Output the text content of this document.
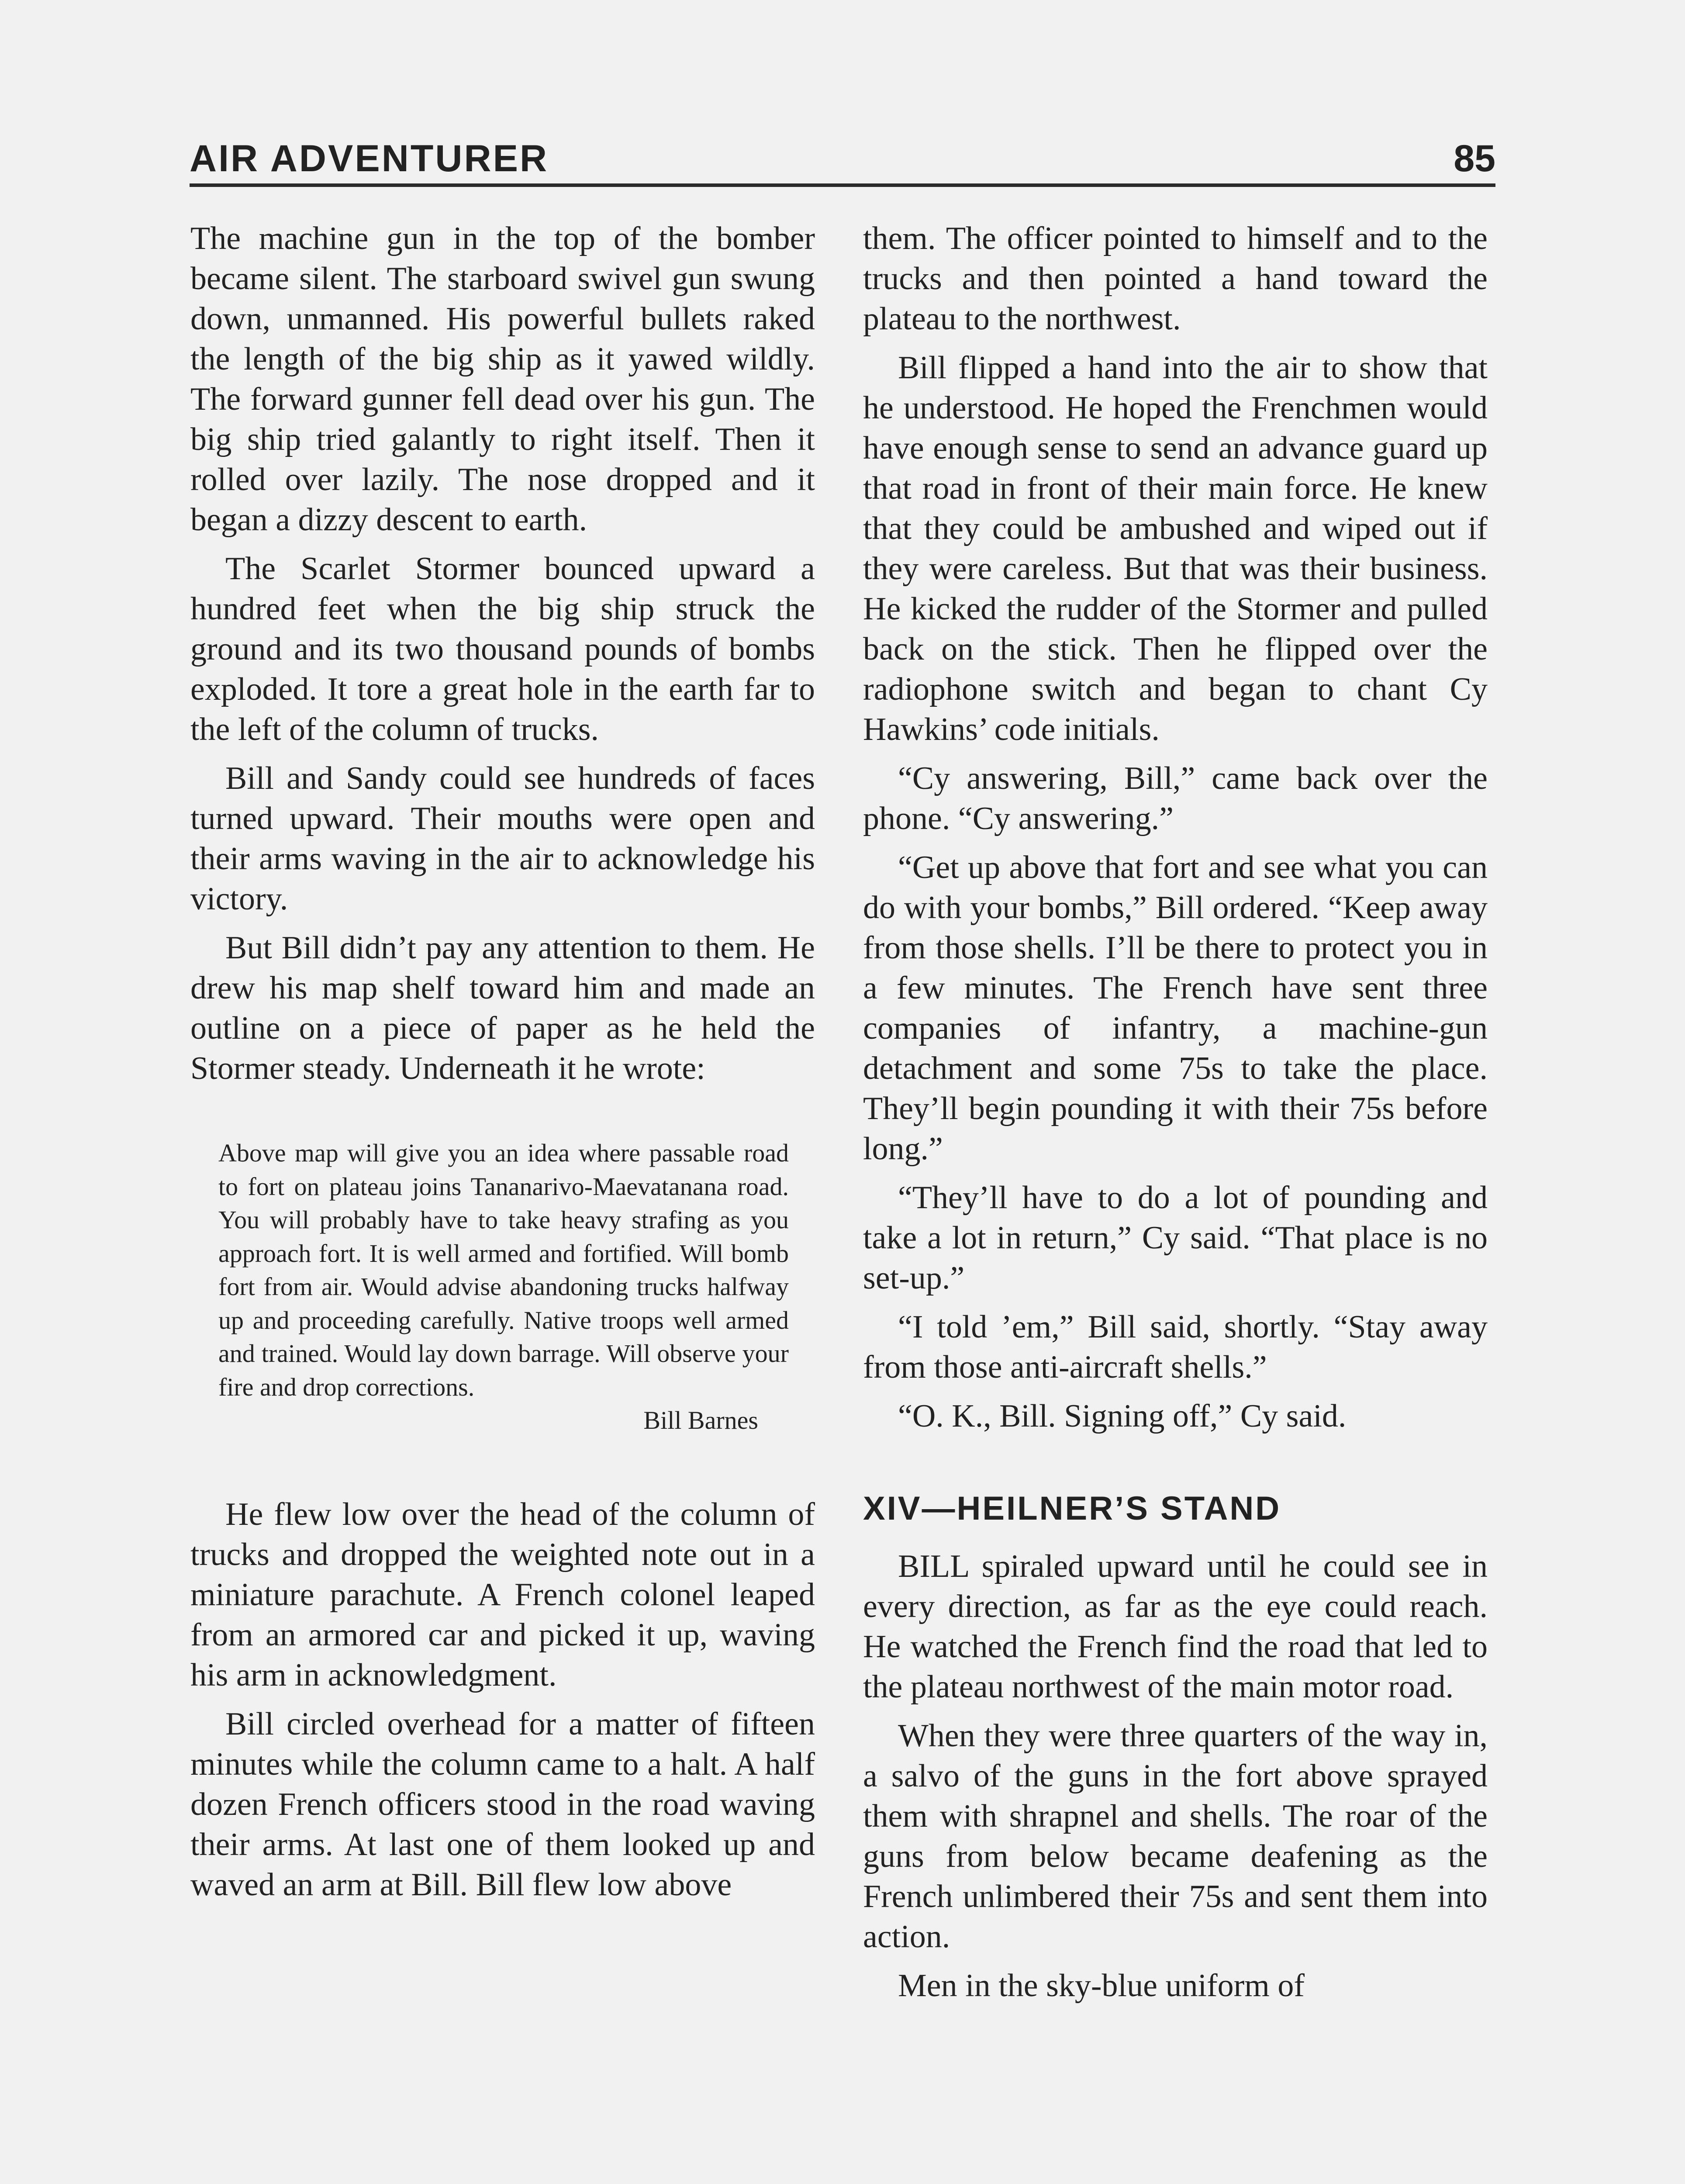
AIR ADVENTURER	85

The machine gun in the top of the bomber became silent. The starboard swivel gun swung down, unmanned. His powerful bullets raked the length of the big ship as it yawed wildly. The forward gunner fell dead over his gun. The big ship tried galantly to right itself. Then it rolled over lazily. The nose dropped and it began a dizzy descent to earth.

The Scarlet Stormer bounced upward a hundred feet when the big ship struck the ground and its two thousand pounds of bombs exploded. It tore a great hole in the earth far to the left of the column of trucks.

Bill and Sandy could see hundreds of faces turned upward. Their mouths were open and their arms waving in the air to acknowledge his victory.

But Bill didn’t pay any attention to them. He drew his map shelf toward him and made an outline on a piece of paper as he held the Stormer steady. Underneath it he wrote:

Above map will give you an idea where passable road to fort on plateau joins Tananarivo-Maevatanana road. You will probably have to take heavy strafing as you approach fort. It is well armed and fortified. Will bomb fort from air. Would advise abandoning trucks halfway up and proceeding carefully. Native troops well armed and trained. Would lay down barrage. Will observe your fire and drop corrections.
Bill Barnes

He flew low over the head of the column of trucks and dropped the weighted note out in a miniature parachute. A French colonel leaped from an armored car and picked it up, waving his arm in acknowledgment.

Bill circled overhead for a matter of fifteen minutes while the column came to a halt. A half dozen French officers stood in the road waving their arms. At last one of them looked up and waved an arm at Bill. Bill flew low above

them. The officer pointed to himself and to the trucks and then pointed a hand toward the plateau to the northwest.

Bill flipped a hand into the air to show that he understood. He hoped the Frenchmen would have enough sense to send an advance guard up that road in front of their main force. He knew that they could be ambushed and wiped out if they were careless. But that was their business. He kicked the rudder of the Stormer and pulled back on the stick. Then he flipped over the radiophone switch and began to chant Cy Hawkins’ code initials.

“Cy answering, Bill,” came back over the phone. “Cy answering.”

“Get up above that fort and see what you can do with your bombs,” Bill ordered. “Keep away from those shells. I’ll be there to protect you in a few minutes. The French have sent three companies of infantry, a machine-gun detachment and some 75s to take the place. They’ll begin pounding it with their 75s before long.”

“They’ll have to do a lot of pounding and take a lot in return,” Cy said. “That place is no set-up.”

“I told ’em,” Bill said, shortly. “Stay away from those anti-aircraft shells.”

“O. K., Bill. Signing off,” Cy said.

XIV—HEILNER’S STAND

BILL spiraled upward until he could see in every direction, as far as the eye could reach. He watched the French find the road that led to the plateau northwest of the main motor road.

When they were three quarters of the way in, a salvo of the guns in the fort above sprayed them with shrapnel and shells. The roar of the guns from below became deafening as the French unlimbered their 75s and sent them into action.

Men in the sky-blue uniform of
